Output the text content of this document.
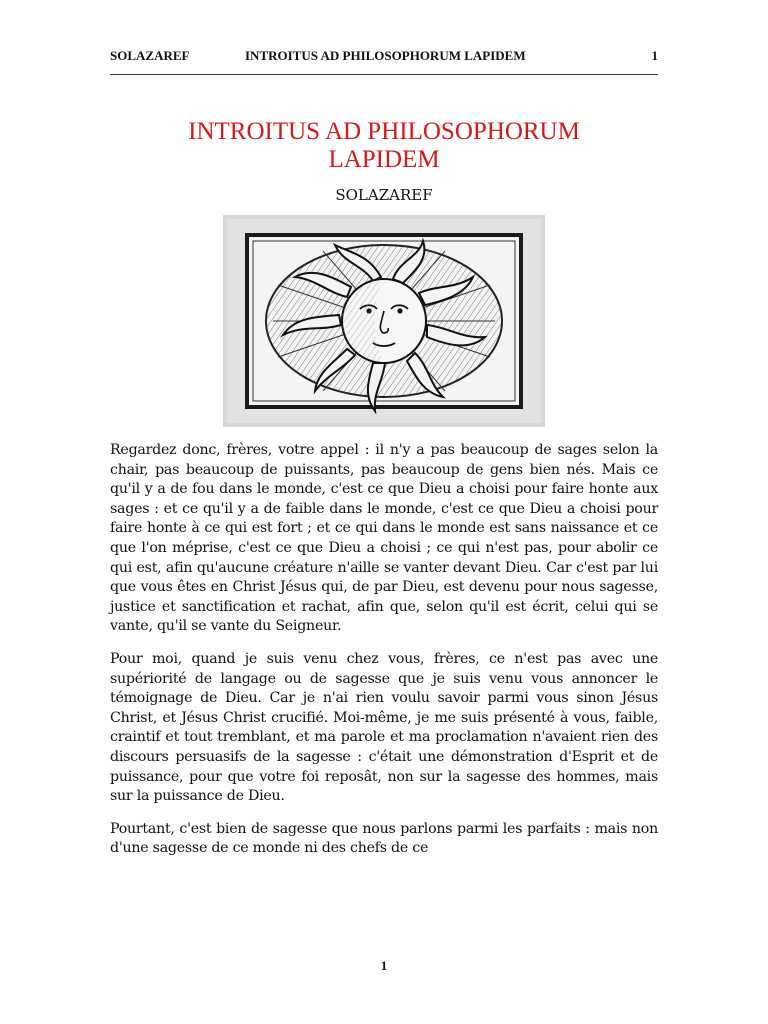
SOLAZAREF	INTROITUS AD PHILOSOPHORUM LAPIDEM	1
INTROITUS AD PHILOSOPHORUM
LAPIDEM
SOLAZAREF

Regardez donc, frères, votre appel : il n'y a pas beaucoup de sages selon la chair, pas beaucoup de puissants, pas beaucoup de gens bien nés. Mais ce qu'il y a de fou dans le monde, c'est ce que Dieu a choisi pour faire honte aux sages : et ce qu'il y a de faible dans le monde, c'est ce que Dieu a choisi pour faire honte à ce qui est fort ; et ce qui dans le monde est sans naissance et ce que l'on méprise, c'est ce que Dieu a choisi ; ce qui n'est pas, pour abolir ce qui est, afin qu'aucune créature n'aille se vanter devant Dieu. Car c'est par lui que vous êtes en Christ Jésus qui, de par Dieu, est devenu pour nous sagesse, justice et sanctification et rachat, afin que, selon qu'il est écrit, celui qui se vante, qu'il se vante du Seigneur.

Pour moi, quand je suis venu chez vous, frères, ce n'est pas avec une supériorité de langage ou de sagesse que je suis venu vous annoncer le témoignage de Dieu. Car je n'ai rien voulu savoir parmi vous sinon Jésus Christ, et Jésus Christ crucifié. Moi-même, je me suis présenté à vous, faible, craintif et tout tremblant, et ma parole et ma proclamation n'avaient rien des discours persuasifs de la sagesse : c'était une démonstration d'Esprit et de puissance, pour que votre foi reposât, non sur la sagesse des hommes, mais sur la puissance de Dieu.

Pourtant, c'est bien de sagesse que nous parlons parmi les parfaits : mais non d'une sagesse de ce monde ni des chefs de ce

1
